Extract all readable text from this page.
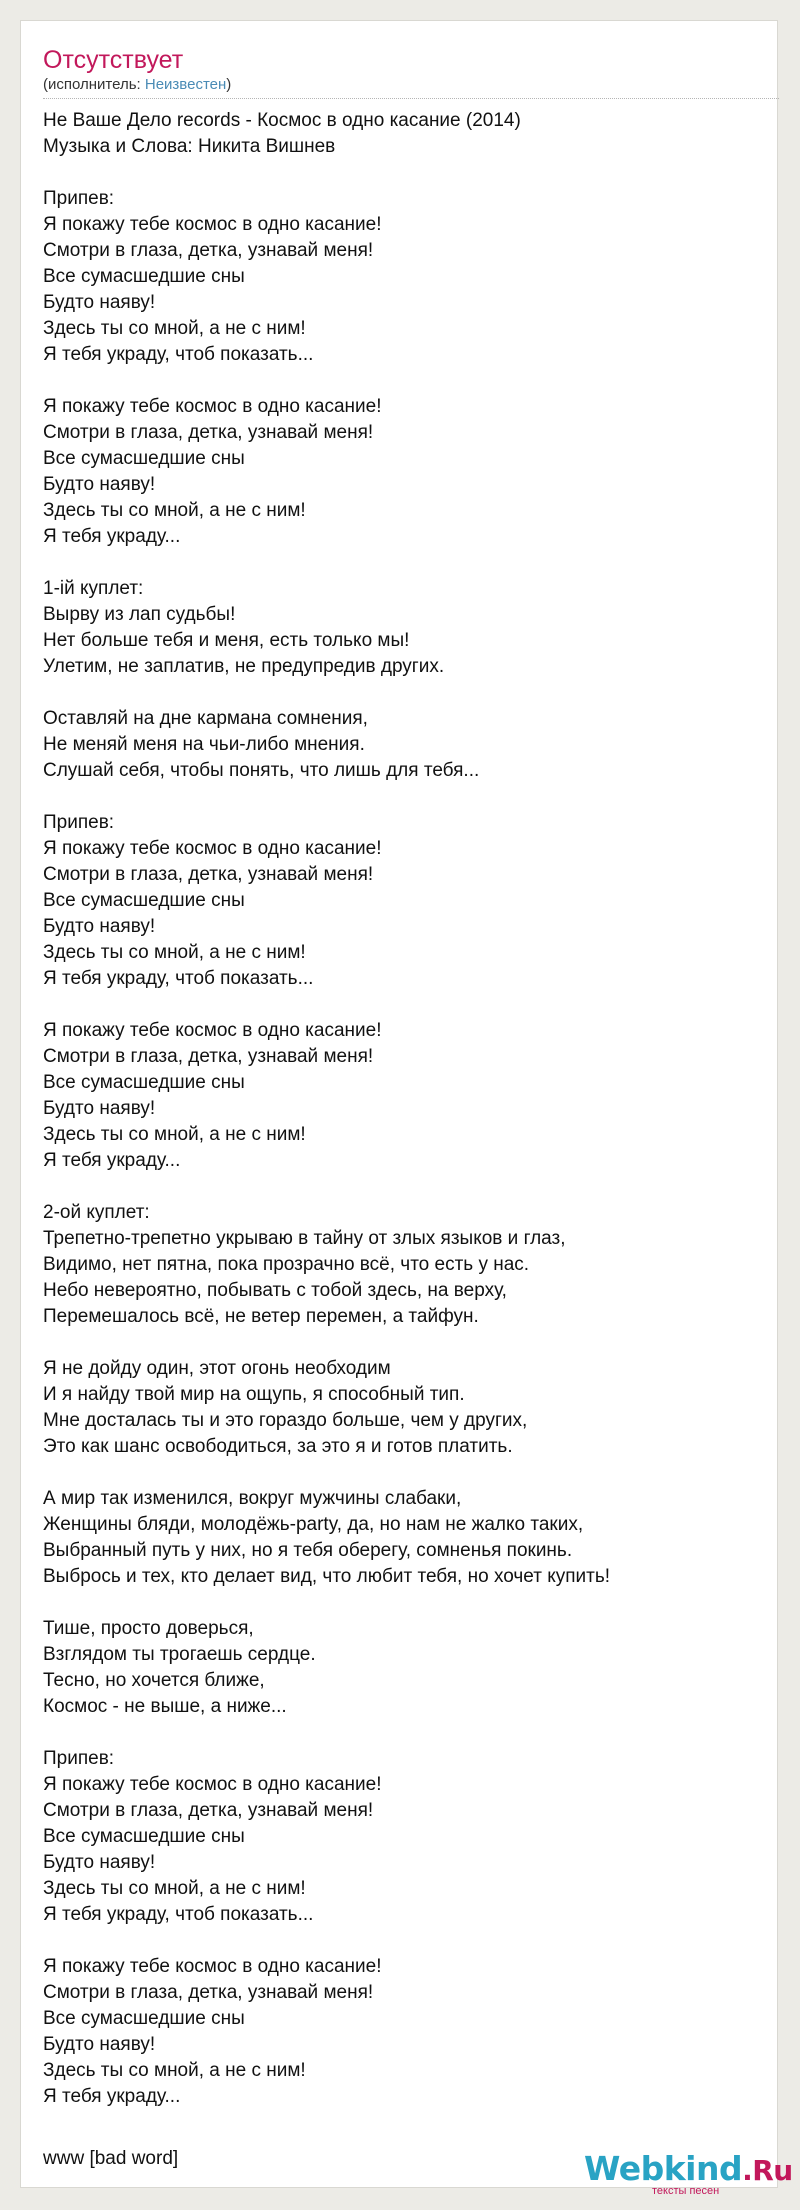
Отсутствует
(исполнитель: Неизвестен)
Не Ваше Дело records - Космос в одно касание (2014)
Музыка и Слова: Никита Вишнев
Припев:
Я покажу тебе космос в одно касание!
Смотри в глаза, детка, узнавай меня!
Все сумасшедшие сны
Будто наяву!
Здесь ты со мной, а не с ним!
Я тебя украду, чтоб показать...
Я покажу тебе космос в одно касание!
Смотри в глаза, детка, узнавай меня!
Все сумасшедшие сны
Будто наяву!
Здесь ты со мной, а не с ним!
Я тебя украду...
1-ій куплет:
Вырву из лап судьбы!
Нет больше тебя и меня, есть только мы!
Улетим, не заплатив, не предупредив других.
Оставляй на дне кармана сомнения,
Не меняй меня на чьи-либо мнения.
Слушай себя, чтобы понять, что лишь для тебя...
Припев:
Я покажу тебе космос в одно касание!
Смотри в глаза, детка, узнавай меня!
Все сумасшедшие сны
Будто наяву!
Здесь ты со мной, а не с ним!
Я тебя украду, чтоб показать...
Я покажу тебе космос в одно касание!
Смотри в глаза, детка, узнавай меня!
Все сумасшедшие сны
Будто наяву!
Здесь ты со мной, а не с ним!
Я тебя украду...
2-ой куплет:
Трепетно-трепетно укрываю в тайну от злых языков и глаз,
Видимо, нет пятна, пока прозрачно всё, что есть у нас.
Небо невероятно, побывать с тобой здесь, на верху,
Перемешалось всё, не ветер перемен, а тайфун.
Я не дойду один, этот огонь необходим
И я найду твой мир на ощупь, я способный тип.
Мне досталась ты и это гораздо больше, чем у других,
Это как шанс освободиться, за это я и готов платить.
А мир так изменился, вокруг мужчины слабаки,
Женщины бляди, молодёжь-party, да, но нам не жалко таких,
Выбранный путь у них, но я тебя оберегу, сомненья покинь.
Выбрось и тех, кто делает вид, что любит тебя, но хочет купить!
Тише, просто доверься,
Взглядом ты трогаешь сердце.
Тесно, но хочется ближе,
Космос - не выше, а ниже...
Припев:
Я покажу тебе космос в одно касание!
Смотри в глаза, детка, узнавай меня!
Все сумасшедшие сны
Будто наяву!
Здесь ты со мной, а не с ним!
Я тебя украду, чтоб показать...
Я покажу тебе космос в одно касание!
Смотри в глаза, детка, узнавай меня!
Все сумасшедшие сны
Будто наяву!
Здесь ты со мной, а не с ним!
Я тебя украду...
www [bad word]	Webkind.Ru
тексты песен
